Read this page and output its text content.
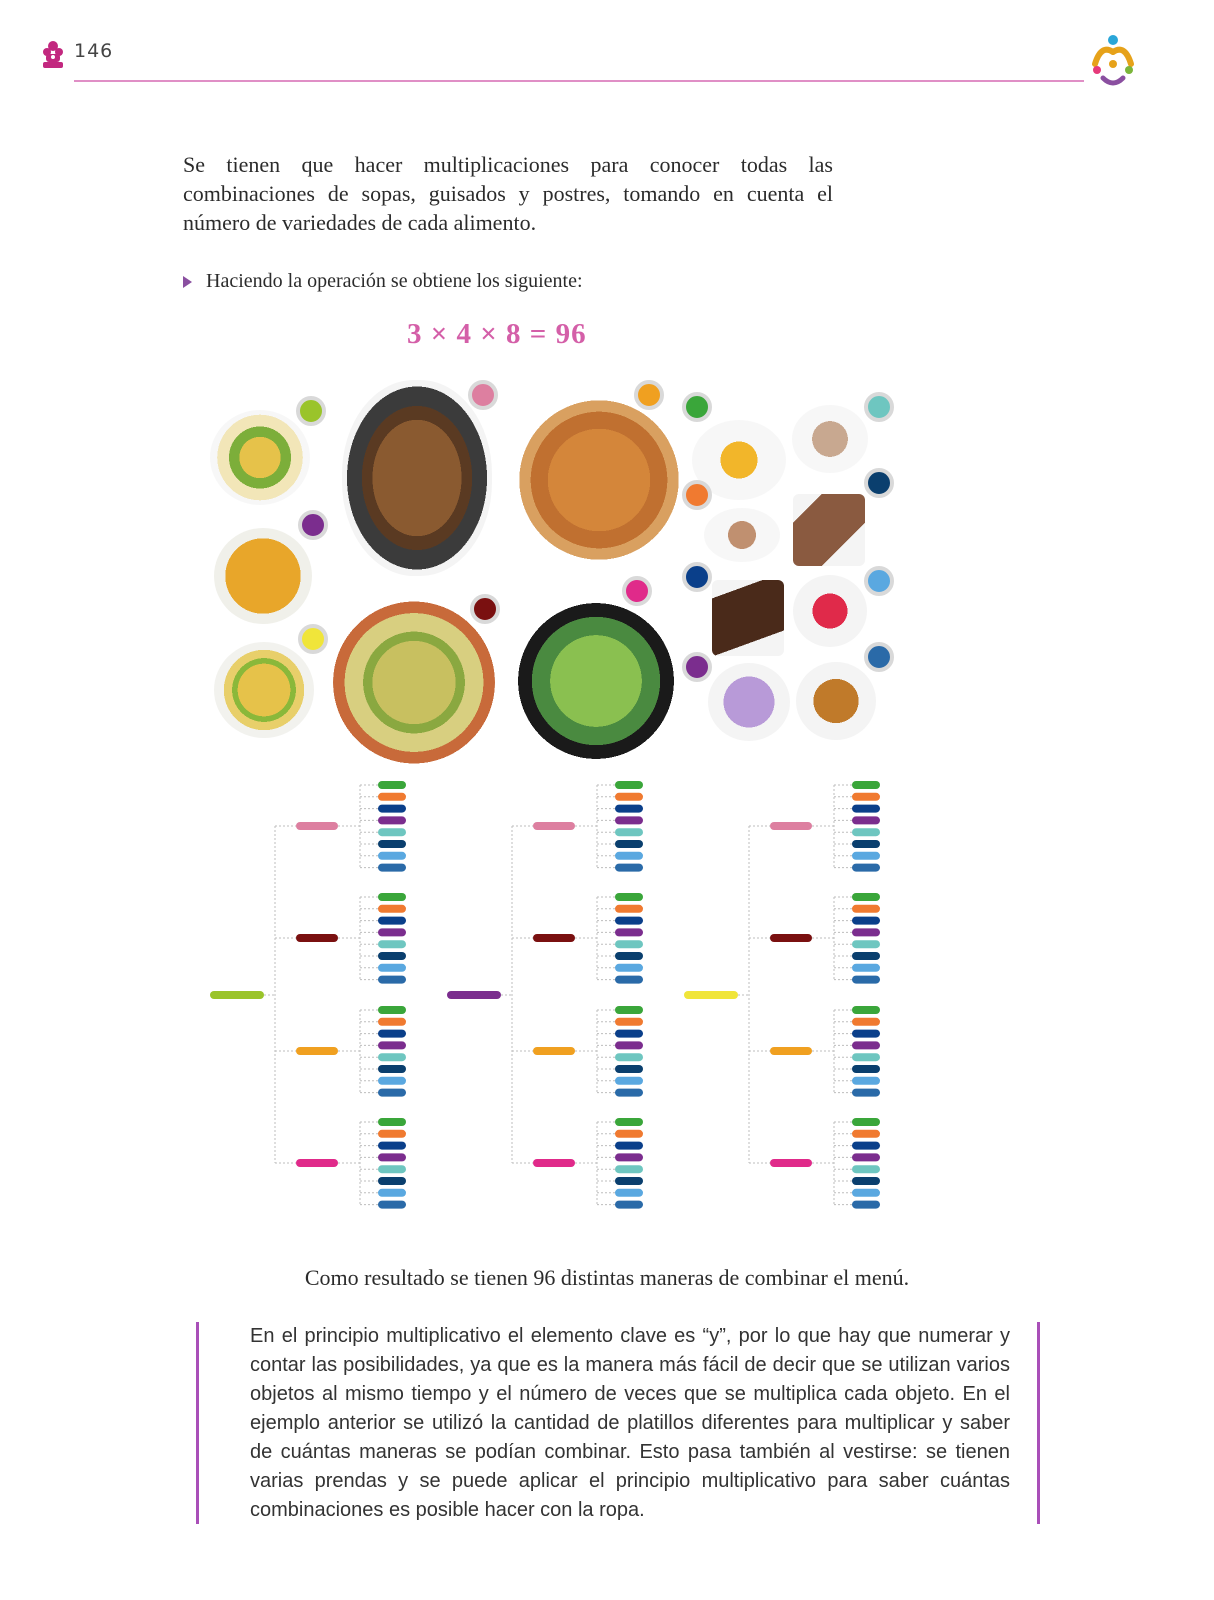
146
Se tienen que hacer multiplicaciones para conocer todas las combinaciones de sopas, guisados y postres, tomando en cuenta el número de variedades de cada alimento.
Haciendo la operación se obtiene los siguiente:
3 × 4 × 8 = 96
Como resultado se tienen 96 distintas maneras de combinar el menú.
En el principio multiplicativo el elemento clave es “y”, por lo que hay que numerar y contar las posibilidades, ya que es la manera más fácil de decir que se utilizan varios objetos al mismo tiempo y el número de veces que se multiplica cada objeto. En el ejemplo anterior se utilizó la cantidad de platillos diferentes para multiplicar y saber de cuántas maneras se podían combinar. Esto pasa también al vestirse: se tienen varias prendas y se puede aplicar el principio multiplicativo para saber cuántas combinaciones es posible hacer con la ropa.
